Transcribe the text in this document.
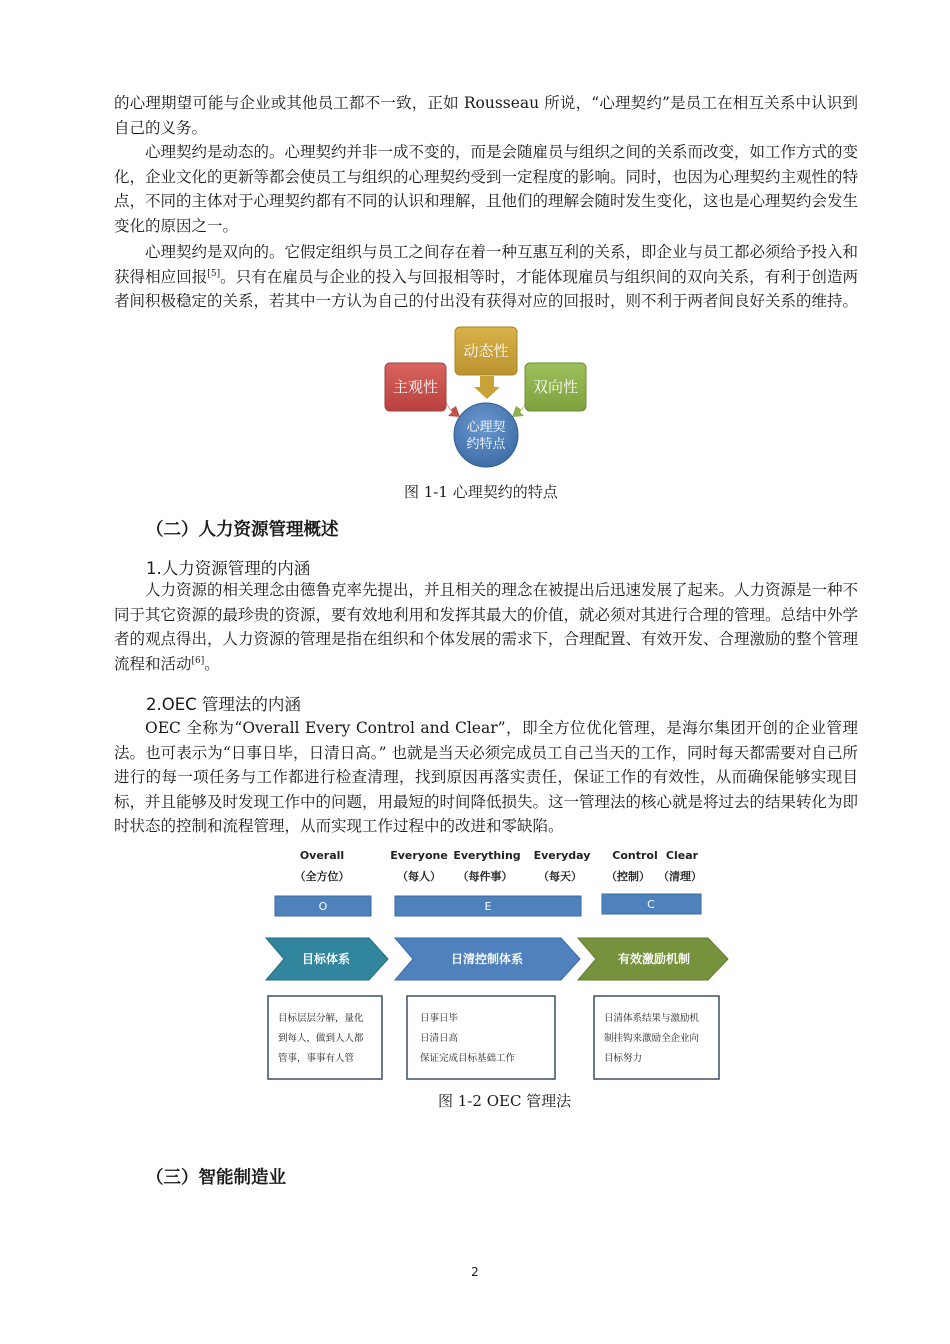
的心理期望可能与企业或其他员工都不一致，正如 Rousseau 所说，“心理契约”是员工在相互关系中认识到自己的义务。

心理契约是动态的。心理契约并非一成不变的，而是会随雇员与组织之间的关系而改变，如工作方式的变化，企业文化的更新等都会使员工与组织的心理契约受到一定程度的影响。同时，也因为心理契约主观性的特点，不同的主体对于心理契约都有不同的认识和理解，且他们的理解会随时发生变化，这也是心理契约会发生变化的原因之一。

心理契约是双向的。它假定组织与员工之间存在着一种互惠互利的关系，即企业与员工都必须给予投入和获得相应回报[5]。只有在雇员与企业的投入与回报相等时，才能体现雇员与组织间的双向关系，有利于创造两者间积极稳定的关系，若其中一方认为自己的付出没有获得对应的回报时，则不利于两者间良好关系的维持。

主观性
动态性
双向性
心理契
约特点

图 1-1 心理契约的特点

（二）人力资源管理概述

1.人力资源管理的内涵

人力资源的相关理念由德鲁克率先提出，并且相关的理念在被提出后迅速发展了起来。人力资源是一种不同于其它资源的最珍贵的资源，要有效地利用和发挥其最大的价值，就必须对其进行合理的管理。总结中外学者的观点得出，人力资源的管理是指在组织和个体发展的需求下，合理配置、有效开发、合理激励的整个管理流程和活动[6]。

2.OEC 管理法的内涵

OEC 全称为“Overall Every Control and Clear”，即全方位优化管理，是海尔集团开创的企业管理法。也可表示为“日事日毕，日清日高。” 也就是当天必须完成员工自己当天的工作，同时每天都需要对自己所进行的每一项任务与工作都进行检查清理，找到原因再落实责任，保证工作的有效性，从而确保能够实现目标，并且能够及时发现工作中的问题，用最短的时间降低损失。这一管理法的核心就是将过去的结果转化为即时状态的控制和流程管理，从而实现工作过程中的改进和零缺陷。

Overall	Everyone Everything Everyday Control Clear
（全方位）	（每人） （每件事） （每天） （控制） （清理）
O	E	C
目标体系	日清控制体系	有效激励机制
目标层层分解，量化
到每人，做到人人都
管事，事事有人管
日事日毕
日清日高
保证完成目标基础工作
日清体系结果与激励机
制挂钩来激励全企业向
目标努力

图 1-2 OEC 管理法

（三）智能制造业

2
